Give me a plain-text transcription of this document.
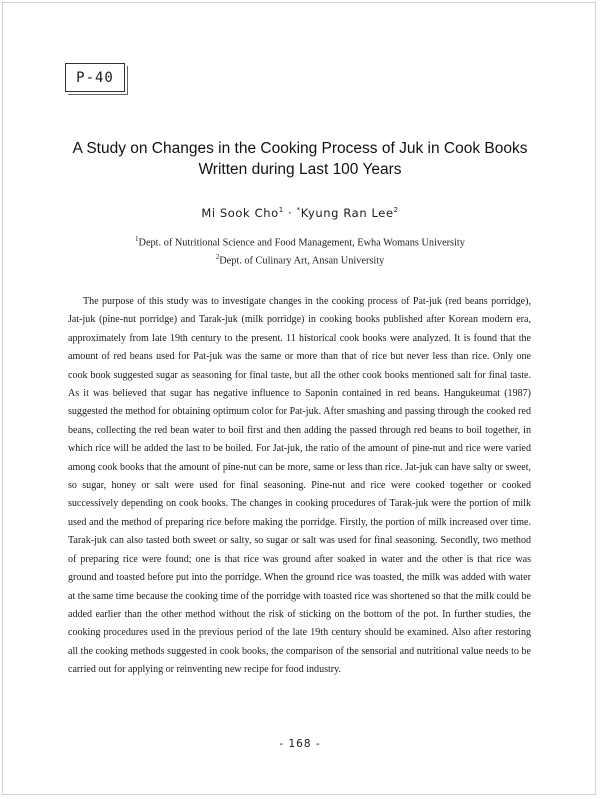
P-40
A Study on Changes in the Cooking Process of Juk in Cook Books
Written during Last 100 Years
Mi Sook Cho$^1$ · *Kyung Ran Lee$^2$
$^1$Dept. of Nutritional Science and Food Management, Ewha Womans University
$^2$Dept. of Culinary Art, Ansan University

The purpose of this study was to investigate changes in the cooking process of Pat-juk (red beans porridge), Jat-juk (pine-nut porridge) and Tarak-juk (milk porridge) in cooking books published after Korean modern era, approximately from late 19th century to the present. 11 historical cook books were analyzed. It is found that the amount of red beans used for Pat-juk was the same or more than that of rice but never less than rice. Only one cook book suggested sugar as seasoning for final taste, but all the other cook books mentioned salt for final taste. As it was believed that sugar has negative influence to Saponin contained in red beans. Hangukeumat (1987) suggested the method for obtaining optimum color for Pat-juk. After smashing and passing through the cooked red beans, collecting the red bean water to boil first and then adding the passed through red beans to boil together, in which rice will be added the last to be boiled. For Jat-juk, the ratio of the amount of pine-nut and rice were varied among cook books that the amount of pine-nut can be more, same or less than rice. Jat-juk can have salty or sweet, so sugar, honey or salt were used for final seasoning. Pine-nut and rice were cooked together or cooked successively depending on cook books. The changes in cooking procedures of Tarak-juk were the portion of milk used and the method of preparing rice before making the porridge. Firstly, the portion of milk increased over time. Tarak-juk can also tasted both sweet or salty, so sugar or salt was used for final seasoning. Secondly, two method of preparing rice were found; one is that rice was ground after soaked in water and the other is that rice was ground and toasted before put into the porridge. When the ground rice was toasted, the milk was added with water at the same time because the cooking time of the porridge with toasted rice was shortened so that the milk could be added earlier than the other method without the risk of sticking on the bottom of the pot. In further studies, the cooking procedures used in the previous period of the late 19th century should be examined. Also after restoring all the cooking methods suggested in cook books, the comparison of the sensorial and nutritional value needs to be carried out for applying or reinventing new recipe for food industry.

- 168 -
